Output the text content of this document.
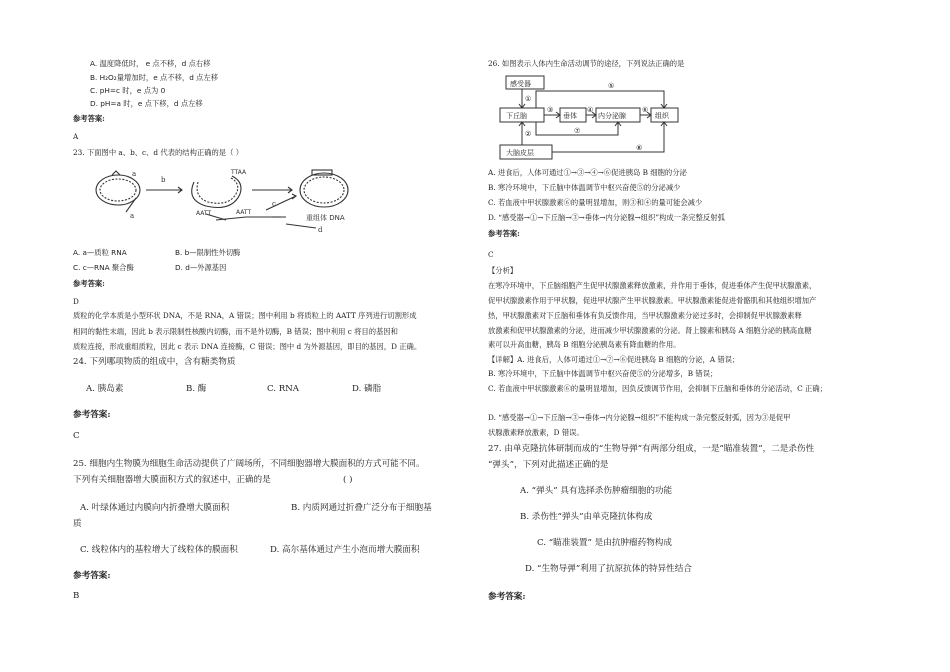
A. 温度降低时， e 点不移，d 点右移
B. H₂O₂量增加时，e 点不移，d 点左移
C. pH=c 时，e 点为 0
D. pH=a 时，e 点下移，d 点左移
参考答案:
A
23. 下面图中 a、b、c、d 代表的结构正确的是（ ）
a
a
b
c
d
AATT
TTAA
AATT
重组体 DNA
A. a—质粒 RNA	B. b—限制性外切酶
C. c—RNA 聚合酶	D. d—外源基因
参考答案:
D
质粒的化学本质是小型环状 DNA，不是 RNA，A 错误；图中利用 b 将质粒上的 AATT 序列进行切割形成
相同的黏性末端，因此 b 表示限制性核酸内切酶，而不是外切酶，B 错误；图中利用 c 将目的基因和
质粒连接，形成重组质粒，因此 c 表示 DNA 连接酶，C 错误；图中 d 为外源基因，即目的基因，D 正确。
24. 下列哪项物质的组成中，含有糖类物质
A. 胰岛素	B. 酶	C. RNA	D. 磷脂
参考答案:
C
25. 细胞内生物膜为细胞生命活动提供了广阔场所，不同细胞器增大膜面积的方式可能不同。
下列有关细胞器增大膜面积方式的叙述中，正确的是	( )
A. 叶绿体通过内膜向内折叠增大膜面积	B. 内质网通过折叠广泛分布于细胞基
质
C. 线粒体内的基粒增大了线粒体的膜面积	D. 高尔基体通过产生小泡而增大膜面积
参考答案:
B
26. 如图表示人体内生命活动调节的途径，下列说法正确的是
感受器
下丘脑	垂体	内分泌腺	组织
大脑皮层
①
②
③	④
⑤
⑥
⑦
⑧
A. 进食后，人体可通过①→③→④→⑥促进胰岛 B 细胞的分泌
B. 寒冷环境中，下丘脑中体温调节中枢兴奋使⑤的分泌减少
C. 若血液中甲状腺激素⑥的量明显增加，则③和④的量可能会减少
D. “感受器→①→下丘脑→③→垂体→内分泌腺→组织”构成一条完整反射弧
参考答案:
C
【分析】
在寒冷环境中，下丘脑细胞产生促甲状腺激素释放激素，并作用于垂体，促进垂体产生促甲状腺激素，
促甲状腺激素作用于甲状腺，促进甲状腺产生甲状腺激素。甲状腺激素能促进骨骼肌和其他组织增加产
热，甲状腺激素对下丘脑和垂体有负反馈作用，当甲状腺激素分泌过多时，会抑制促甲状腺激素释
放激素和促甲状腺激素的分泌，进而减少甲状腺激素的分泌。肾上腺素和胰岛 A 细胞分泌的胰高血糖
素可以升高血糖，胰岛 B 细胞分泌胰岛素有降血糖的作用。
【详解】A. 进食后，人体可通过①→⑦→⑥促进胰岛 B 细胞的分泌，A 错误；
B. 寒冷环境中，下丘脑中体温调节中枢兴奋使⑤的分泌增多，B 错误；
C. 若血液中甲状腺激素⑥的量明显增加，因负反馈调节作用，会抑制下丘脑和垂体的分泌活动，C 正确；
D. “感受器→①→下丘脑→③→垂体→内分泌腺→组织”不能构成一条完整反射弧，因为③是促甲
状腺激素释放激素，D 错误。
27. 由单克隆抗体研制而成的“生物导弹”有两部分组成，一是“瞄准装置”，二是杀伤性
“弹头”，下列对此描述正确的是
A. “弹头” 具有选择杀伤肿瘤细胞的功能
B. 杀伤性“弹头”由单克隆抗体构成
C. “瞄准装置” 是由抗肿瘤药物构成
D. “生物导弹”利用了抗原抗体的特异性结合
参考答案:
